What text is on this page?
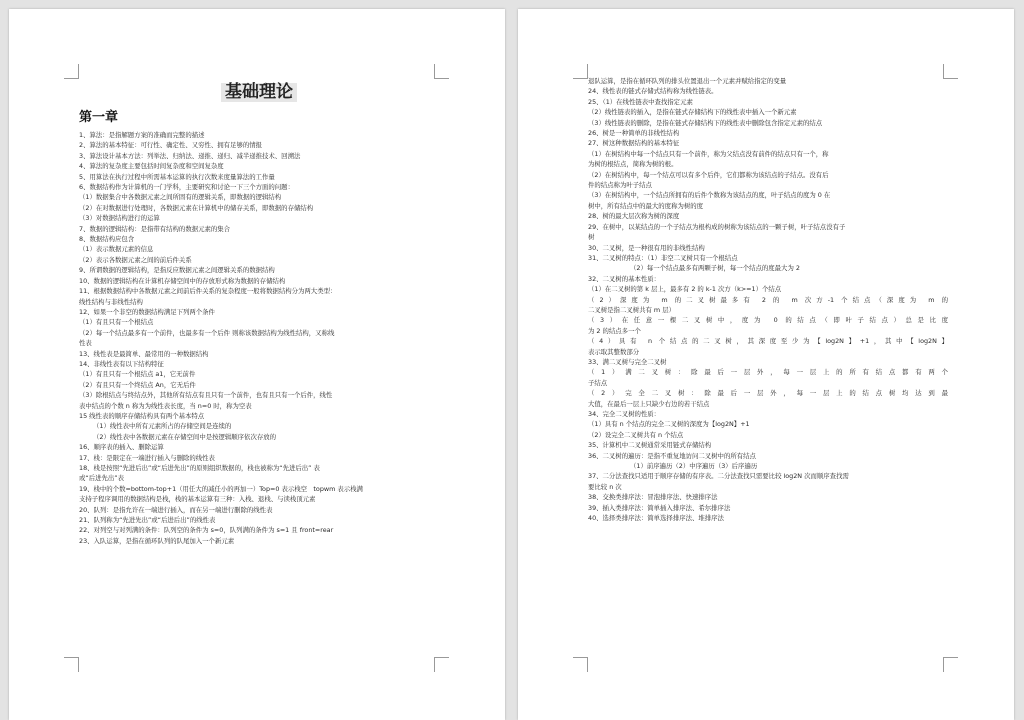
基础理论
第一章
1、算法：是指解题方案的准确而完整的描述
2、算法的基本特征：可行性、确定性、又穷性、拥有足够的情报
3、算法设计基本方法：列举法、归纳法、递推、递归、减半递推技术、回溯法
4、算法的复杂度主要包括时间复杂度和空间复杂度
5、用算法在执行过程中所需基本运算的执行次数来度量算法的工作量
6、数据结构作为计算机的一门学科，主要研究和讨论一下三个方面的问题：
（1）数据集合中各数据元素之间所固有的逻辑关系，即数据的逻辑结构
（2）在对数据进行处理时，各数据元素在计算机中的储存关系，即数据的存储结构
（3）对数据结构进行的运算
7、数据的逻辑结构：是指带有结构的数据元素的集合
8、数据结构应包含
（1）表示数据元素的信息
（2）表示各数据元素之间的前后件关系
9、所谓数据的逻辑结构，是指反应数据元素之间逻辑关系的数据结构
10、数据的逻辑结构在计算机存储空间中的存放形式称为数据的存储结构
11、根据数据结构中各数据元素之间前后件关系的复杂程度一般将数据结构分为两大类型：
线性结构与非线性结构
12、如果一个非空的数据结构满足下列两个条件
（1）有且只有一个根结点
（2）每一个结点最多有一个前件，也最多有一个后件 则称该数据结构为线性结构，又称线
性表
13、线性表是最简单、最常用的一种数据结构
14、非线性表有以下结构特征
（1）有且只有一个根结点 a1，它无前件
（2）有且只有一个终结点 An，它无后件
（3）除根结点与终结点外，其他所有结点有且只有一个前件，也有且只有一个后件，线性
表中结点的个数 n 称为为线性表长度，当 n=0 时，称为空表
15 线性表的顺序存储结构具有两个基本特点
（1）线性表中所有元素所占的存储空间是连续的
（2）线性表中各数据元素在存储空间中是按逻辑顺序依次存放的
16、顺序表的插入、删除运算
17、栈：是限定在一端进行插入与删除的线性表
18、栈是按照“先进后出”或“后进先出”的原则组织数据的，栈也被称为“先进后出” 表
或“后进先出”表
19、栈中的个数=bottom-top+1（用任大的减任小的再加一）Top=0 表示栈空　topwm 表示栈满
支持子程序调用的数据结构是栈，栈的基本运算有三种：入栈、退栈、与读栈顶元素
20、队列：是指允许在一端进行插入，而在另一端进行删除的线性表
21、队列称为“先进先出”或“后进后出”的线性表
22、对列空与对列满的条件：队列空的条件为 s=0，队列满的条件为 s=1 且 front=rear
23、入队运算，是指在循环队列的队尾加入一个新元素
退队运算，是指在循环队列的排头位置退出一个元素并赋给指定的变量
24、线性表的链式存储式结构称为线性链表。
25、（1）在线性链表中查找指定元素
（2）线性链表的插入，是指在链式存储结构下的线性表中插入一个新元素
（3）线性链表的删除，是指在链式存储结构下的线性表中删除包含指定元素的结点
26、树是一种简单的非线性结构
27、树这种数据结构的基本特征
（1）在树结构中每一个结点只有一个前件，称为父结点没有前件的结点只有一个，称
为树的根结点，简称为树的根。
（2）在树结构中，每一个结点可以有多个后件，它们都称为该结点的子结点。没有后
件的结点称为叶子结点
（3）在树结构中，一个结点所拥有的后件个数称为该结点的度，叶子结点的度为 0 在
树中，所有结点中的最大的度称为树的度
28、树的最大层次称为树的深度
29、在树中，以某结点的一个子结点为根构成的树称为该结点的一颗子树，叶子结点没有子
树
30、二叉树，是一种很有用的非线性结构
31、二叉树的特点：（1）非空二叉树只有一个根结点
（2）每一个结点最多有两颗子树，每一个结点的度最大为 2
32、二叉树的基本性质：
（1）在二叉树的第 k 层上，最多有 2 的 k-1 次方（k>=1）个结点
（2）深度为 m 的二叉树最多有 2 的 m 次方-1 个结点（深度为 m 的
二叉树是指二叉树共有 m 层）
（3）在任意一棵二叉树中，度为 0 的结点（即叶子结点）总是比度
为 2 的结点多一个
（4）具有 n 个结点的二叉树，其深度至少为【log2N】+1，其中【log2N】
表示取其整数部分
33、满二叉树与完全二叉树
（1）满二叉树：除最后一层外，每一层上的所有结点都有两个
子结点
（2）完全二叉树：除最后一层外，每一层上的结点树均达到最
大值，在最后一层上只缺少右边的若干结点
34、完全二叉树的性质：
（1）具有 n 个结点的完全二叉树的深度为【log2N】+1
（2）设完全二叉树共有 n 个结点
35、计算机中二叉树通常采用链式存储结构
36、二叉树的遍历：是指不重复地访问二叉树中的所有结点
（1）前序遍历（2）中序遍历（3）后序遍历
37、二分法查找只适用于顺序存储的有序表。二分法查找只需要比较 log2N 次而顺序查找需
要比较 n 次
38、交换类排序法：冒泡排序法、快速排序法
39、插入类排序法：简单插入排序法、希尔排序法
40、选择类排序法：简单选择排序法、堆排序法
